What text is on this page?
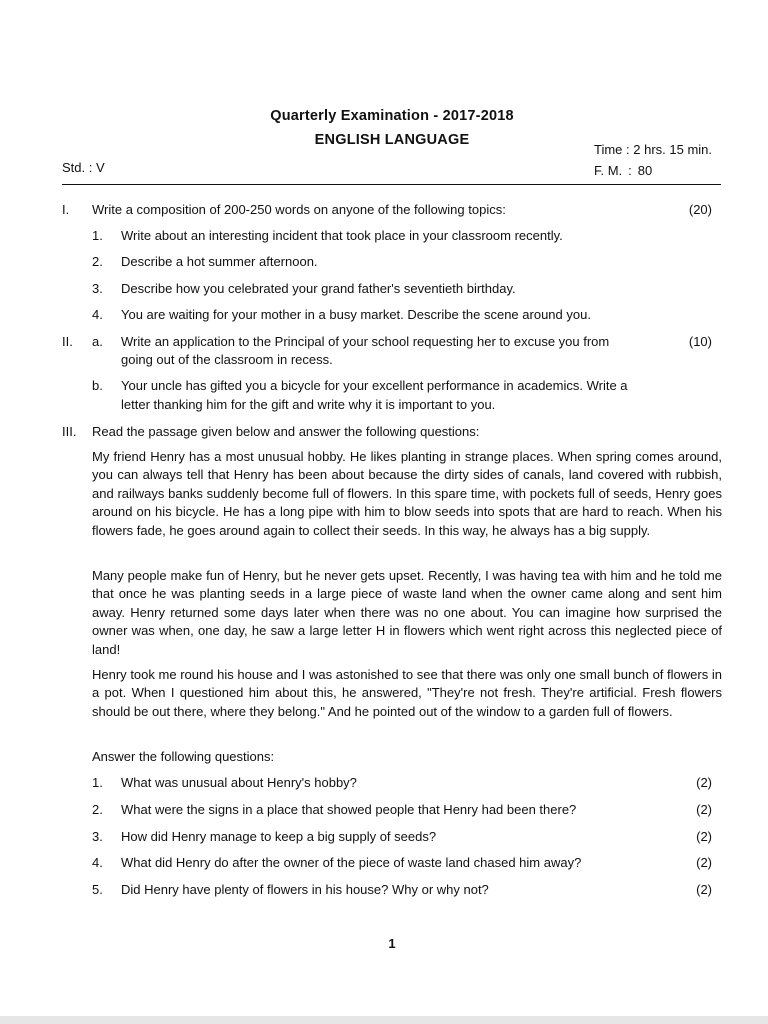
Quarterly Examination - 2017-2018
ENGLISH LANGUAGE
Std. : V
Time : 2 hrs. 15 min.
F. M. : 80
I. Write a composition of 200-250 words on anyone of the following topics:	(20)
1. Write about an interesting incident that took place in your classroom recently.
2. Describe a hot summer afternoon.
3. Describe how you celebrated your grand father's seventieth birthday.
4. You are waiting for your mother in a busy market. Describe the scene around you.
II. a. Write an application to the Principal of your school requesting her to excuse you from	(10)
going out of the classroom in recess.
b. Your uncle has gifted you a bicycle for your excellent performance in academics. Write a
letter thanking him for the gift and write why it is important to you.
III. Read the passage given below and answer the following questions:
My friend Henry has a most unusual hobby. He likes planting in strange places. When spring comes around, you can always tell that Henry has been about because the dirty sides of canals, land covered with rubbish, and railways banks suddenly become full of flowers. In this spare time, with pockets full of seeds, Henry goes around on his bicycle. He has a long pipe with him to blow seeds into spots that are hard to reach. When his flowers fade, he goes around again to collect their seeds. In this way, he always has a big supply.
Many people make fun of Henry, but he never gets upset. Recently, I was having tea with him and he told me that once he was planting seeds in a large piece of waste land when the owner came along and sent him away. Henry returned some days later when there was no one about. You can imagine how surprised the owner was when, one day, he saw a large letter H in flowers which went right across this neglected piece of land!
Henry took me round his house and I was astonished to see that there was only one small bunch of flowers in a pot. When I questioned him about this, he answered, "They're not fresh. They're artificial. Fresh flowers should be out there, where they belong." And he pointed out of the window to a garden full of flowers.
Answer the following questions:
1. What was unusual about Henry's hobby?	(2)
2. What were the signs in a place that showed people that Henry had been there?	(2)
3. How did Henry manage to keep a big supply of seeds?	(2)
4. What did Henry do after the owner of the piece of waste land chased him away?	(2)
5. Did Henry have plenty of flowers in his house? Why or why not?	(2)
1
